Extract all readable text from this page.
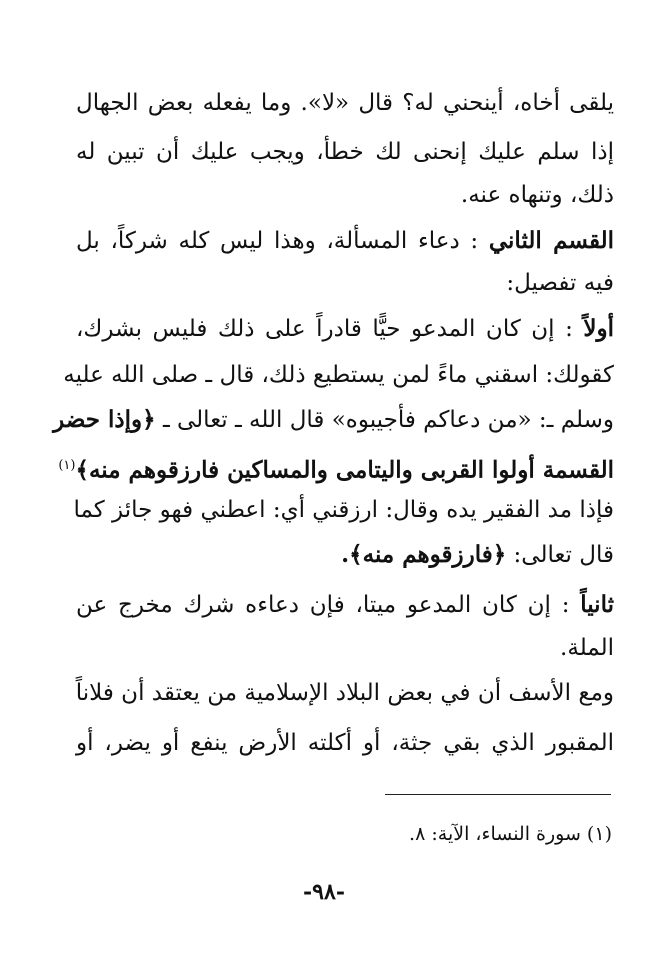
يلقى أخاه، أينحني له؟ قال «لا». وما يفعله بعض الجهال
إذا سلم عليك إنحنى لك خطأ، ويجب عليك أن تبين له
ذلك، وتنهاه عنه.
القسم الثاني : دعاء المسألة، وهذا ليس كله شركاً، بل
فيه تفصيل:
أولاً : إن كان المدعو حيًّا قادراً على ذلك فليس بشرك،
كقولك: اسقني ماءً لمن يستطيع ذلك، قال ـ صلى الله عليه
وسلم ـ: «من دعاكم فأجيبوه» قال الله ـ تعالى ـ ﴿وإذا حضر
القسمة أولوا القربى واليتامى والمساكين فارزقوهم منه﴾$^{(١)}$
فإذا مد الفقير يده وقال: ارزقني أي: اعطني فهو جائز كما
قال تعالى: ﴿فارزقوهم منه﴾.
ثانياً : إن كان المدعو ميتا، فإن دعاءه شرك مخرج عن
الملة.
ومع الأسف أن في بعض البلاد الإسلامية من يعتقد أن فلاناً
المقبور الذي بقي جثة، أو أكلته الأرض ينفع أو يضر، أو
(١) سورة النساء، الآية: ٨.
-٩٨-
